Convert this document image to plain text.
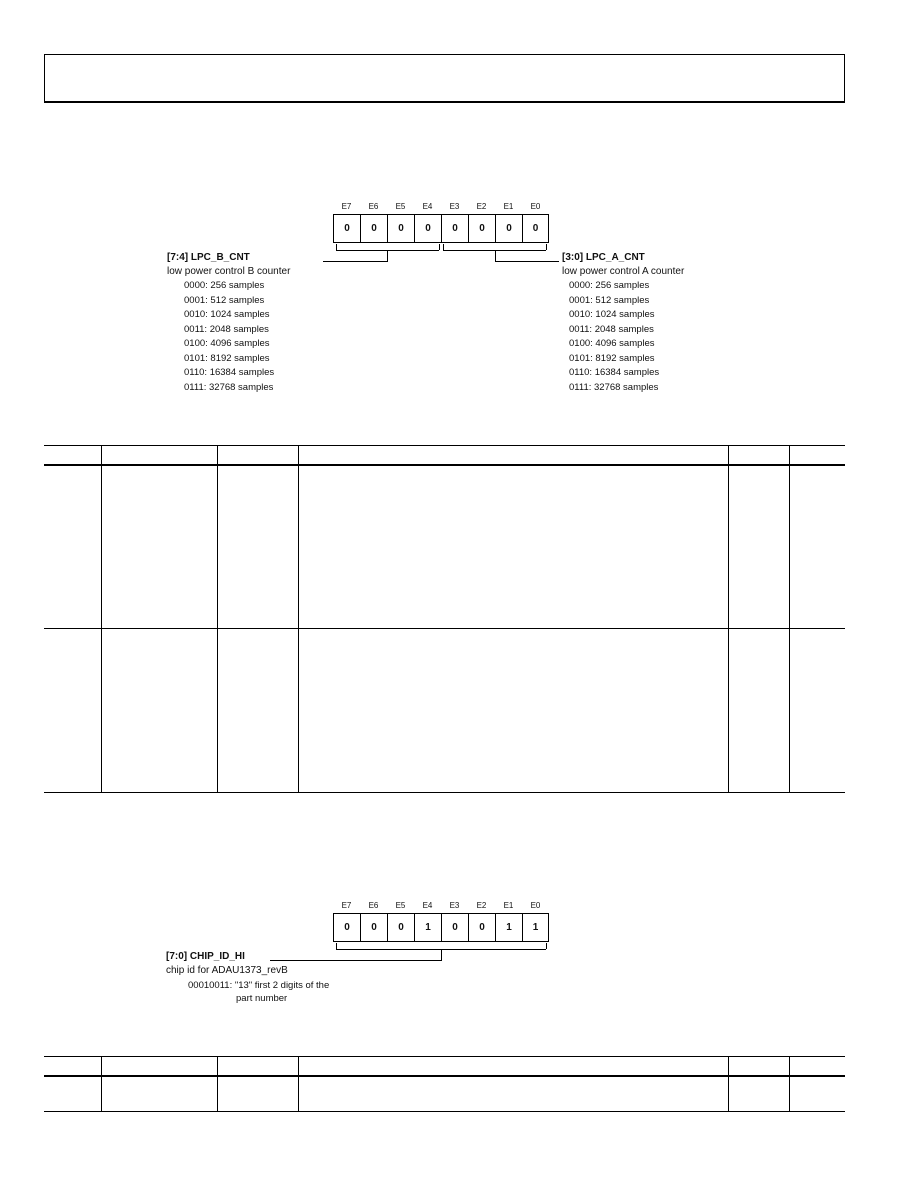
E7	E6	E5	E4	E3	E2	E1	E0
0	0	0	0	0	0	0	0
[7:4] LPC_B_CNT
low power control B counter
0000: 256 samples
0001: 512 samples
0010: 1024 samples
0011: 2048 samples
0100: 4096 samples
0101: 8192 samples
0110: 16384 samples
0111: 32768 samples
[3:0] LPC_A_CNT
low power control A counter
0000: 256 samples
0001: 512 samples
0010: 1024 samples
0011: 2048 samples
0100: 4096 samples
0101: 8192 samples
0110: 16384 samples
0111: 32768 samples

E7	E6	E5	E4	E3	E2	E1	E0
0	0	0	1	0	0	1	1
[7:0] CHIP_ID_HI
chip id for ADAU1373_revB
00010011: "13" first 2 digits of the
part number
